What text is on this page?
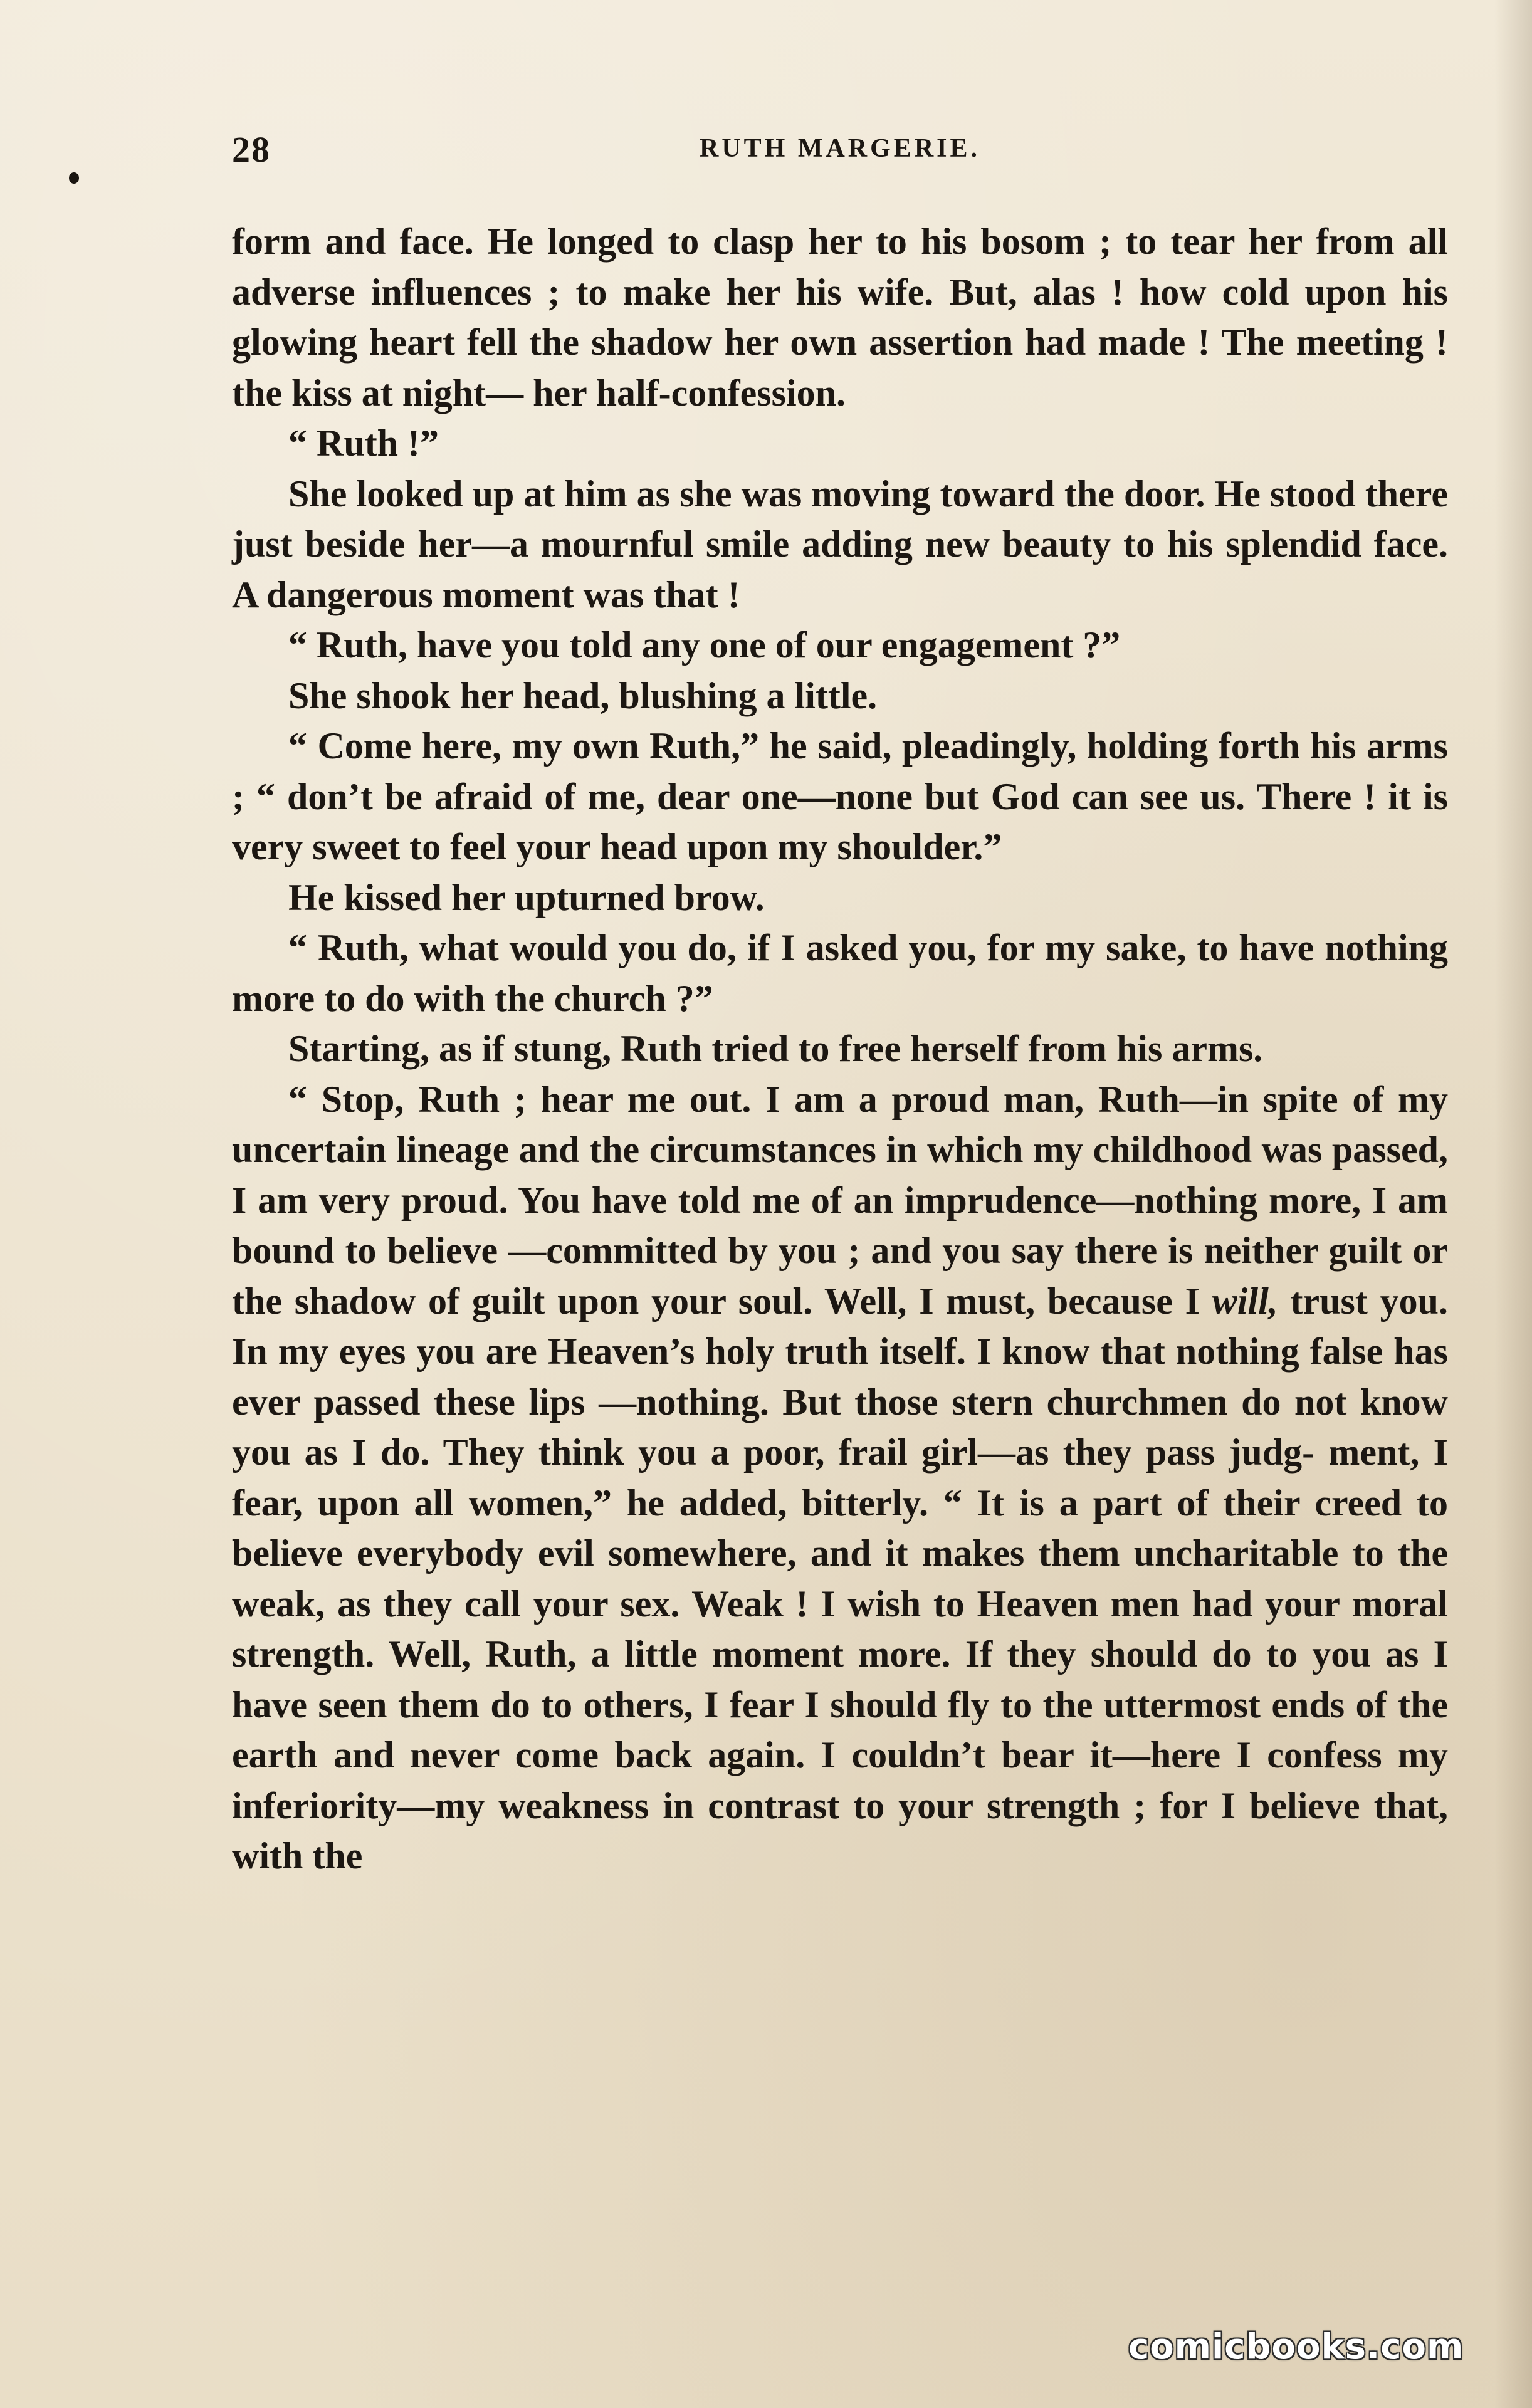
28	RUTH MARGERIE.

form and face. He longed to clasp her to his bosom ; to tear her from all adverse influences ; to make her his wife. But, alas ! how cold upon his glowing heart fell the shadow her own assertion had made ! The meeting ! the kiss at night— her half-confession.

“ Ruth !”

She looked up at him as she was moving toward the door. He stood there just beside her—a mournful smile adding new beauty to his splendid face. A dangerous moment was that !

“ Ruth, have you told any one of our engagement ?”

She shook her head, blushing a little.

“ Come here, my own Ruth,” he said, pleadingly, holding forth his arms ; “ don’t be afraid of me, dear one—none but God can see us. There ! it is very sweet to feel your head upon my shoulder.”

He kissed her upturned brow.

“ Ruth, what would you do, if I asked you, for my sake, to have nothing more to do with the church ?”

Starting, as if stung, Ruth tried to free herself from his arms.

“ Stop, Ruth ; hear me out. I am a proud man, Ruth—in spite of my uncertain lineage and the circumstances in which my childhood was passed, I am very proud. You have told me of an imprudence—nothing more, I am bound to believe —committed by you ; and you say there is neither guilt or the shadow of guilt upon your soul. Well, I must, because I will, trust you. In my eyes you are Heaven’s holy truth itself. I know that nothing false has ever passed these lips —nothing. But those stern churchmen do not know you as I do. They think you a poor, frail girl—as they pass judg- ment, I fear, upon all women,” he added, bitterly. “ It is a part of their creed to believe everybody evil somewhere, and it makes them uncharitable to the weak, as they call your sex. Weak ! I wish to Heaven men had your moral strength. Well, Ruth, a little moment more. If they should do to you as I have seen them do to others, I fear I should fly to the uttermost ends of the earth and never come back again. I couldn’t bear it—here I confess my inferiority—my weakness in contrast to your strength ; for I believe that, with the

comicbooks.com
